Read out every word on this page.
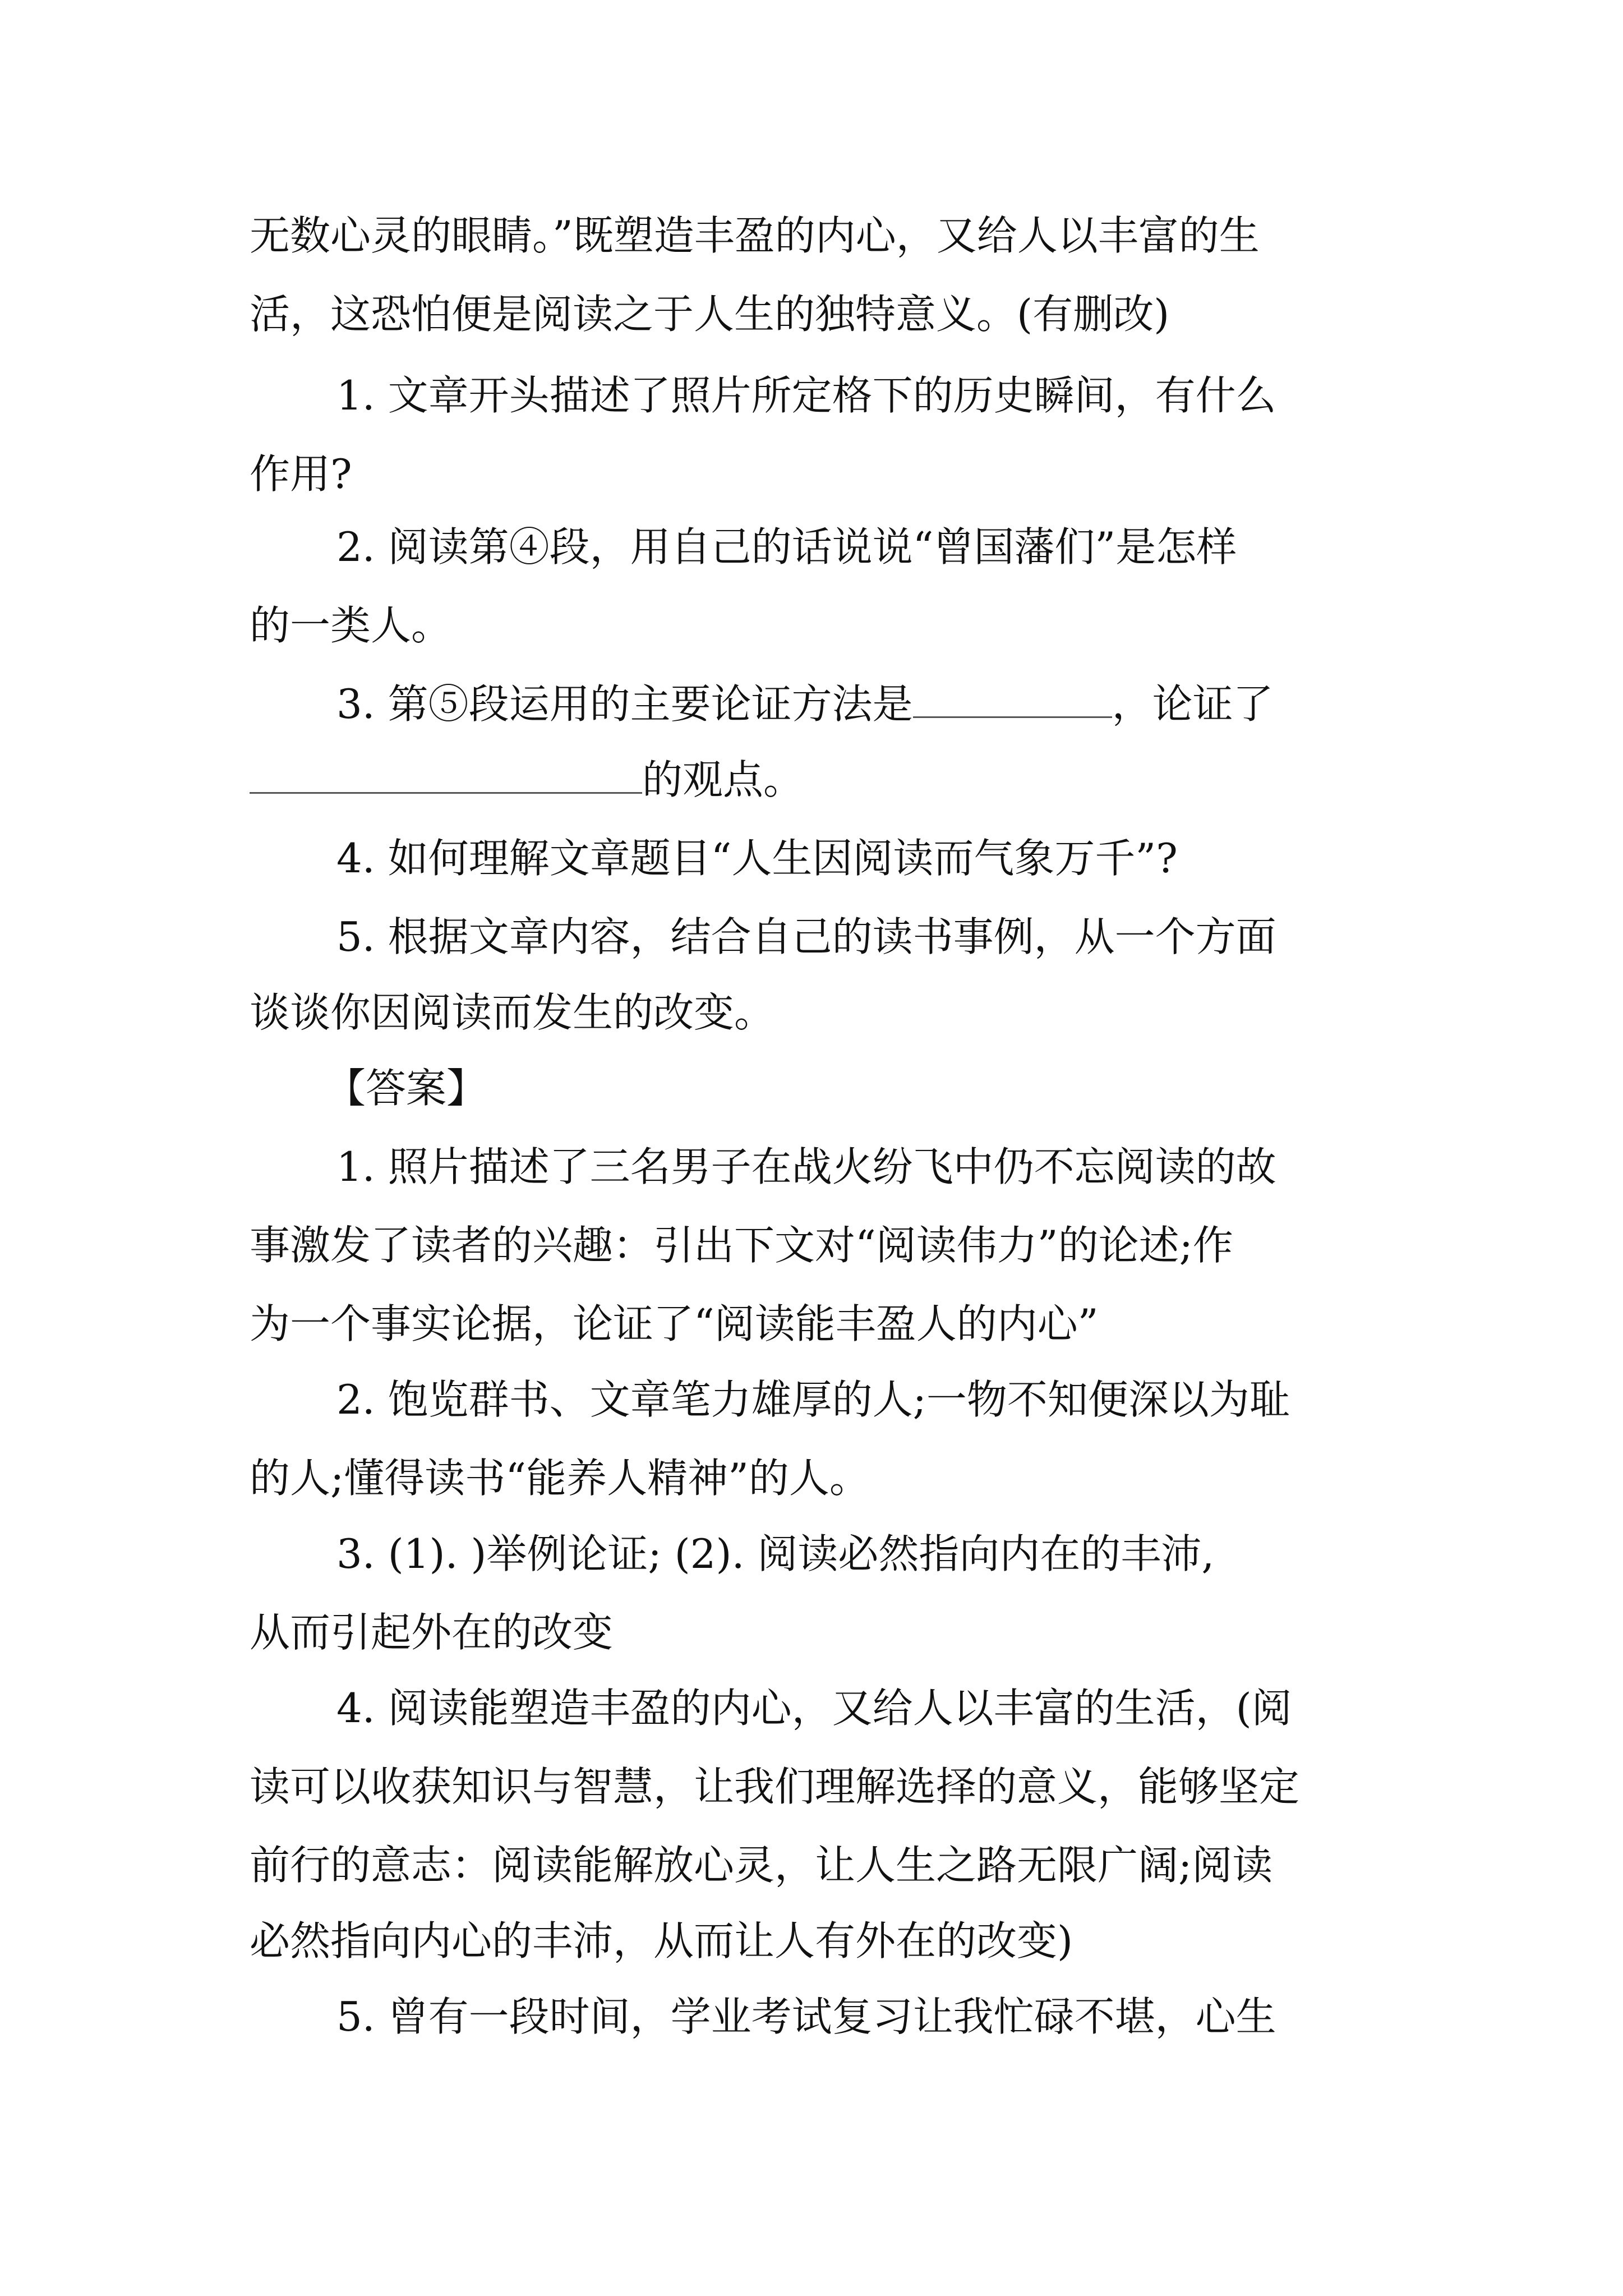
无数心灵的眼睛。”既塑造丰盈的内心，又给人以丰富的生
活，这恐怕便是阅读之于人生的独特意义。(有删改)
1. 文章开头描述了照片所定格下的历史瞬间，有什么
作用?
2. 阅读第④段，用自己的话说说“曾国藩们”是怎样
的一类人。
3. 第⑤段运用的主要论证方法是	，论证了
的观点。
4. 如何理解文章题目“人生因阅读而气象万千”?
5. 根据文章内容，结合自己的读书事例，从一个方面
谈谈你因阅读而发生的改变。
【答案】
1. 照片描述了三名男子在战火纷飞中仍不忘阅读的故
事激发了读者的兴趣：引出下文对“阅读伟力”的论述;作
为一个事实论据，论证了“阅读能丰盈人的内心”
2. 饱览群书、文章笔力雄厚的人;一物不知便深以为耻
的人;懂得读书“能养人精神”的人。
3. (1). )举例论证; (2). 阅读必然指向内在的丰沛,
从而引起外在的改变
4. 阅读能塑造丰盈的内心，又给人以丰富的生活，(阅
读可以收获知识与智慧，让我们理解选择的意义，能够坚定
前行的意志：阅读能解放心灵，让人生之路无限广阔;阅读
必然指向内心的丰沛，从而让人有外在的改变)
5. 曾有一段时间，学业考试复习让我忙碌不堪，心生
